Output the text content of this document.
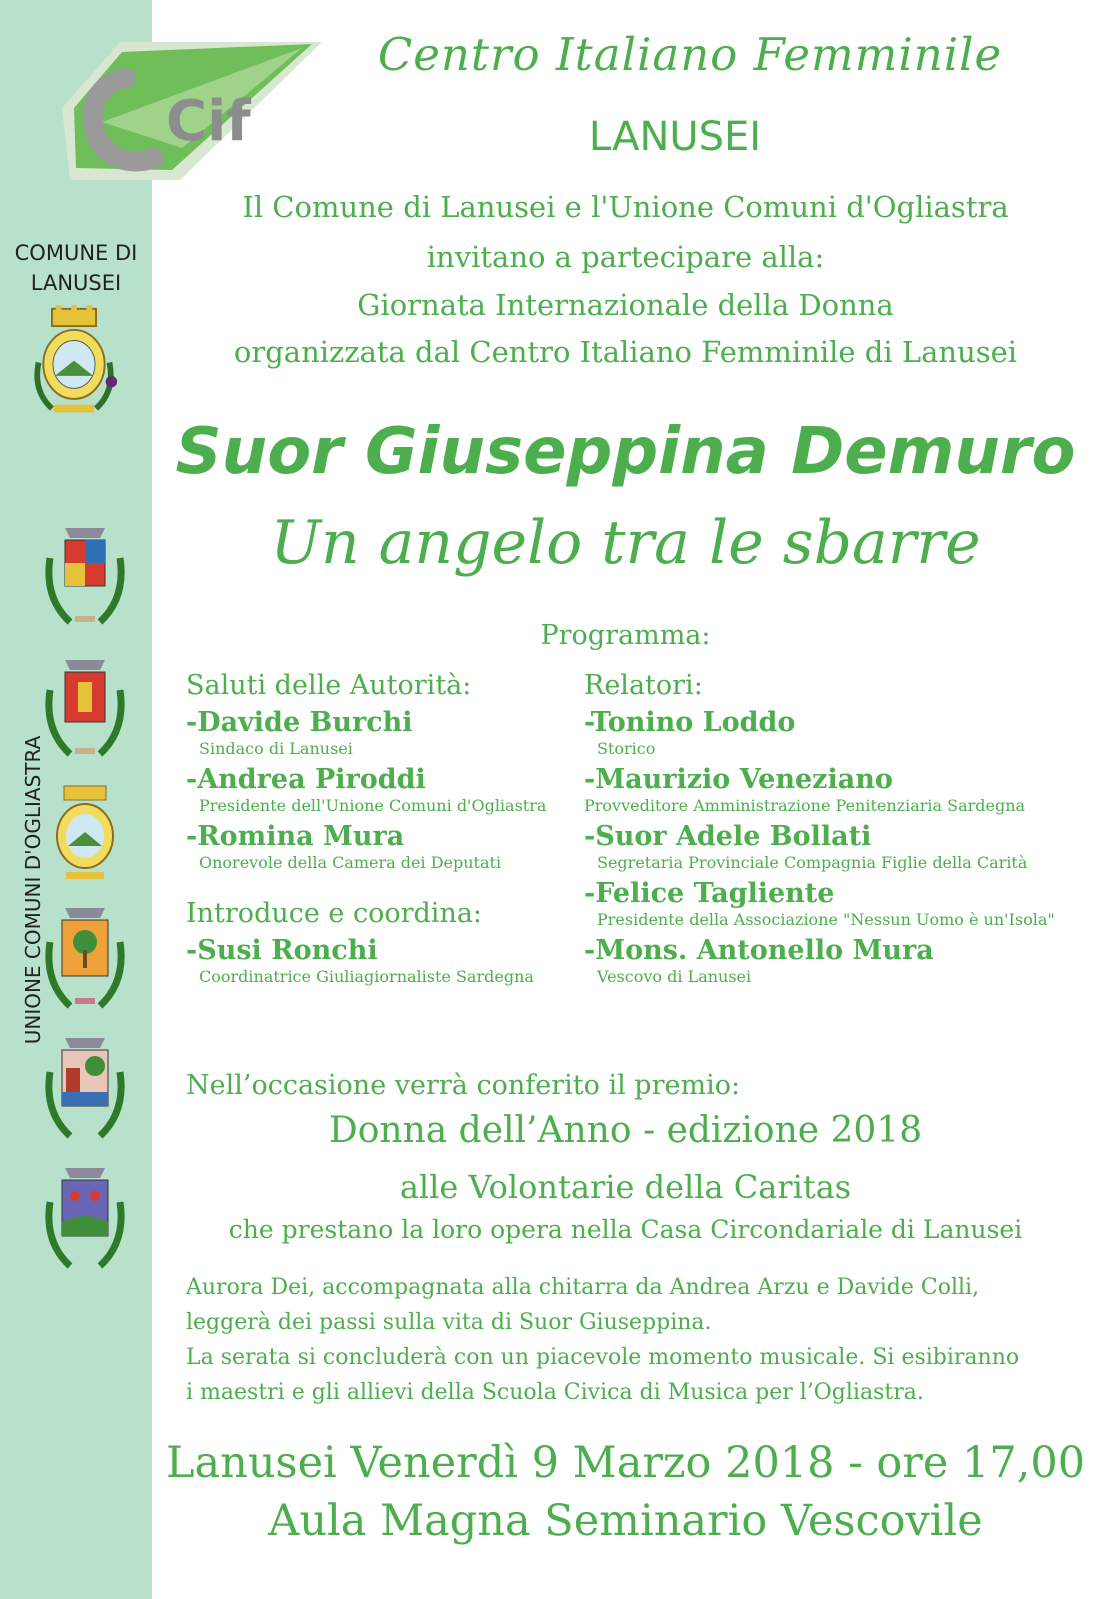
Cif
Centro Italiano Femminile
LANUSEI
COMUNE DI LANUSEI
UNIONE COMUNI D'OGLIASTRA
Il Comune di Lanusei e l'Unione Comuni d'Ogliastra
invitano a partecipare alla:
Giornata Internazionale della Donna
organizzata dal Centro Italiano Femminile di Lanusei
Suor Giuseppina Demuro
Un angelo tra le sbarre
Programma:
Saluti delle Autorità:
-Davide Burchi
Sindaco di Lanusei
-Andrea Piroddi
Presidente dell'Unione Comuni d'Ogliastra
-Romina Mura
Onorevole della Camera dei Deputati
Introduce e coordina:
-Susi Ronchi
Coordinatrice Giuliagiornaliste Sardegna
Relatori:
-Tonino Loddo
Storico
-Maurizio Veneziano
Provveditore Amministrazione Penitenziaria Sardegna
-Suor Adele Bollati
Segretaria Provinciale Compagnia Figlie della Carità
-Felice Tagliente
Presidente della Associazione "Nessun Uomo è un'Isola"
-Mons. Antonello Mura
Vescovo di Lanusei
Nell’occasione verrà conferito il premio:
Donna dell’Anno - edizione 2018
alle Volontarie della Caritas
che prestano la loro opera nella Casa Circondariale di Lanusei
Aurora Dei, accompagnata alla chitarra da Andrea Arzu e Davide Colli,
leggerà dei passi sulla vita di Suor Giuseppina.
La serata si concluderà con un piacevole momento musicale. Si esibiranno
i maestri e gli allievi della Scuola Civica di Musica per l’Ogliastra.
Lanusei Venerdì 9 Marzo 2018 - ore 17,00
Aula Magna Seminario Vescovile
